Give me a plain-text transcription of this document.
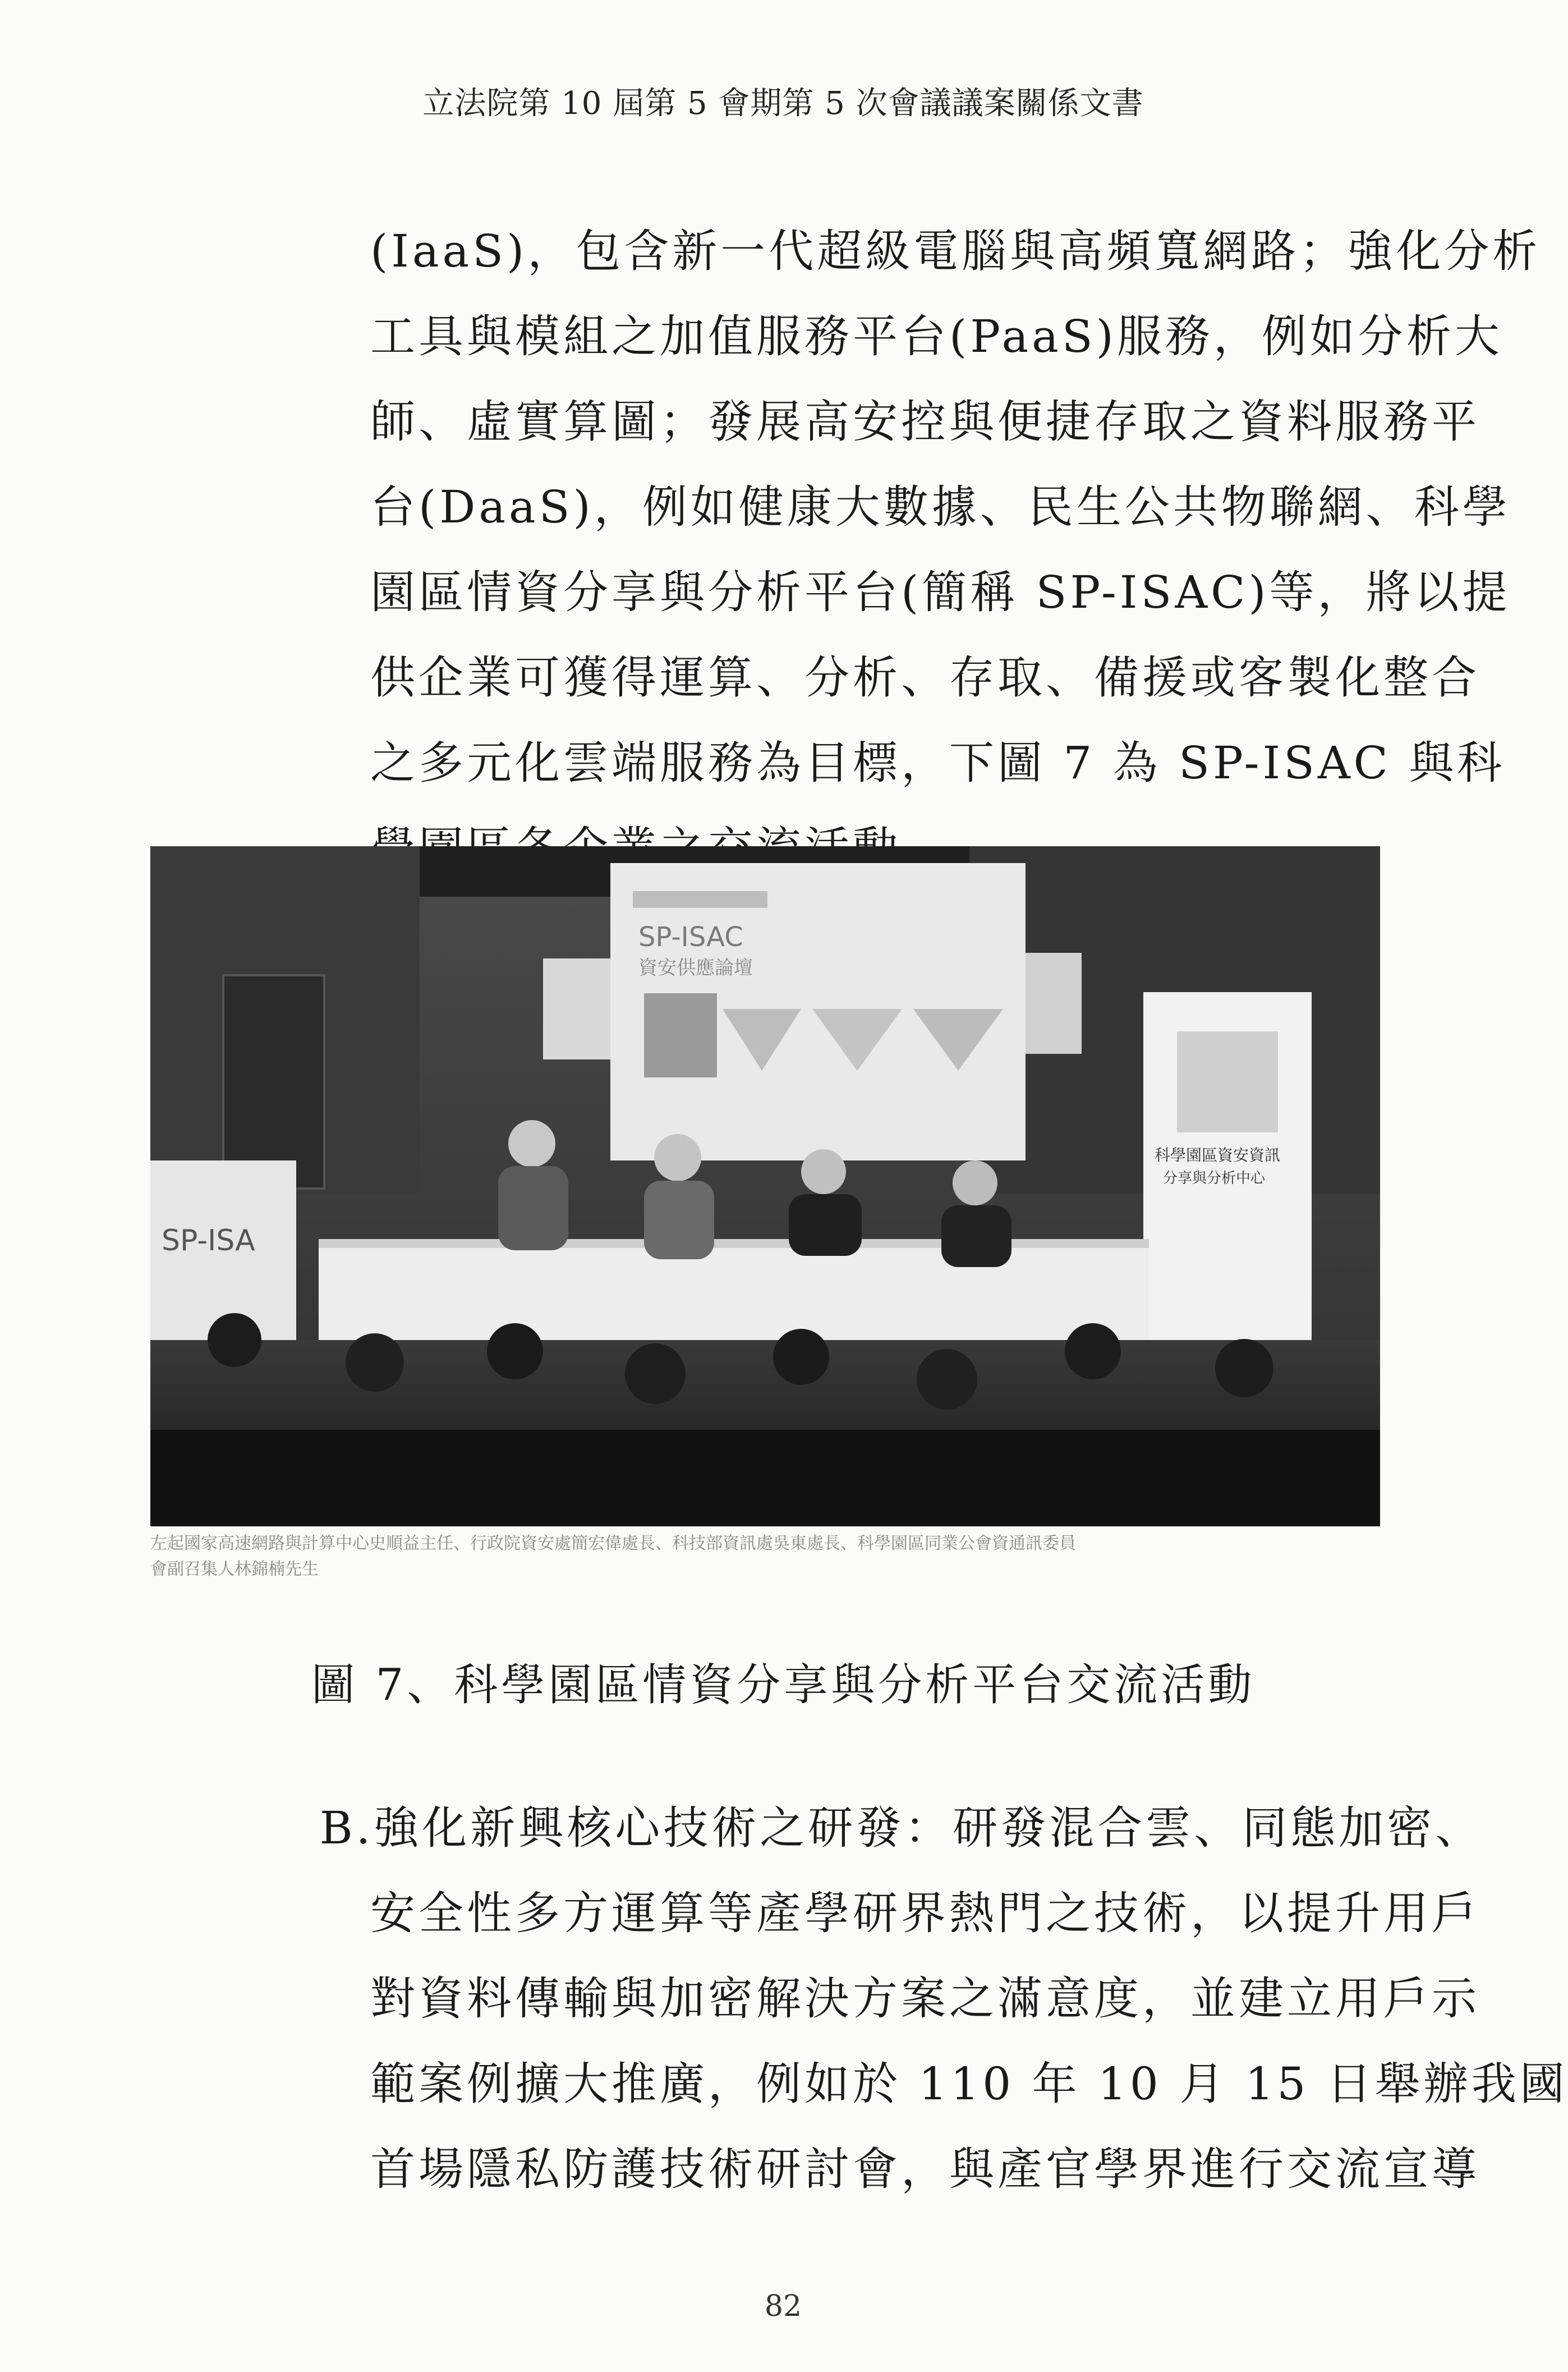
立法院第 10 屆第 5 會期第 5 次會議議案關係文書
(IaaS)，包含新一代超級電腦與高頻寬網路；強化分析
工具與模組之加值服務平台(PaaS)服務，例如分析大
師、虛實算圖；發展高安控與便捷存取之資料服務平
台(DaaS)，例如健康大數據、民生公共物聯網、科學
園區情資分享與分析平台(簡稱 SP-ISAC)等，將以提
供企業可獲得運算、分析、存取、備援或客製化整合
之多元化雲端服務為目標，下圖 7 為 SP-ISAC 與科
SP-ISAC
資安供應論壇
科學園區資安資訊
分享與分析中心
SP-ISA
左起國家高速網路與計算中心史順益主任、行政院資安處簡宏偉處長、科技部資訊處吳東處長、科學園區同業公會資通訊委員
會副召集人林錦楠先生
圖 7、科學園區情資分享與分析平台交流活動
B.強化新興核心技術之研發：研發混合雲、同態加密、
安全性多方運算等產學研界熱門之技術，以提升用戶
對資料傳輸與加密解決方案之滿意度，並建立用戶示
範案例擴大推廣，例如於 110 年 10 月 15 日舉辦我國
首場隱私防護技術研討會，與產官學界進行交流宣導
82
